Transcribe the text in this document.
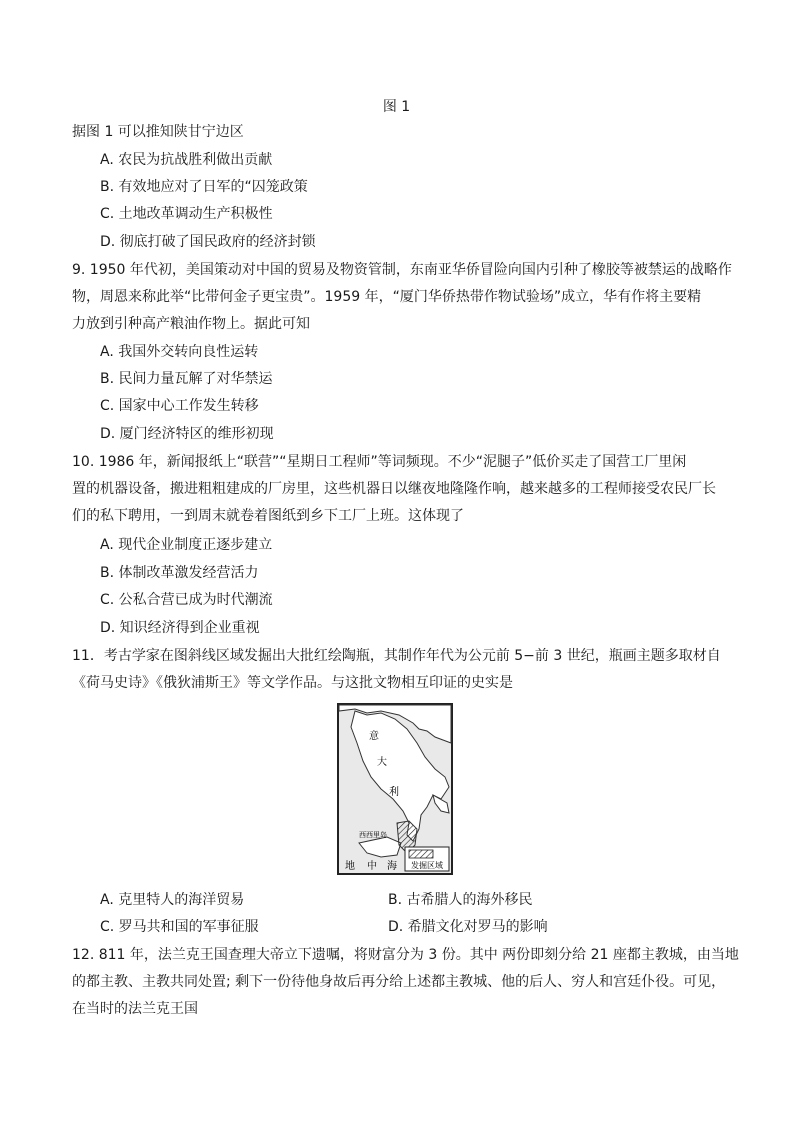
图 1
据图 1 可以推知陕甘宁边区
A. 农民为抗战胜利做出贡献
B. 有效地应对了日军的“囚笼政策
C. 土地改革调动生产积极性
D. 彻底打破了国民政府的经济封锁
9. 1950 年代初，美国策动对中国的贸易及物资管制，东南亚华侨冒险向国内引种了橡胶等被禁运的战略作
物，周恩来称此举“比带何金子更宝贵”。1959 年，“厦门华侨热带作物试验场”成立，华有作将主要精
力放到引种高产粮油作物上。据此可知
A. 我国外交转向良性运转
B. 民间力量瓦解了对华禁运
C. 国家中心工作发生转移
D. 厦门经济特区的维形初现
10. 1986 年，新闻报纸上“联营”“星期日工程师”等词频现。不少“泥腿子”低价买走了国营工厂里闲
置的机器设备，搬进粗粗建成的厂房里，这些机器日以继夜地隆隆作响，越来越多的工程师接受农民厂长
们的私下聘用，一到周末就卷着图纸到乡下工厂上班。这体现了
A. 现代企业制度正逐步建立
B. 体制改革激发经营活力
C. 公私合营已成为时代潮流
D. 知识经济得到企业重视
11．考古学家在图斜线区域发掘出大批红绘陶瓶，其制作年代为公元前 5−前 3 世纪，瓶画主题多取材自
《荷马史诗》《俄狄浦斯王》等文学作品。与这批文物相互印证的史实是
发掘区域
意
大
利
西西里岛
地 中 海
A. 克里特人的海洋贸易	B. 古希腊人的海外移民
C. 罗马共和国的军事征服	D. 希腊文化对罗马的影响
12. 811 年，法兰克王国查理大帝立下遗嘱，将财富分为 3 份。其中 两份即刻分给 21 座都主教城，由当地
的都主教、主教共同处置; 剩下一份待他身故后再分给上述都主教城、他的后人、穷人和宫廷仆役。可见，
在当时的法兰克王国
